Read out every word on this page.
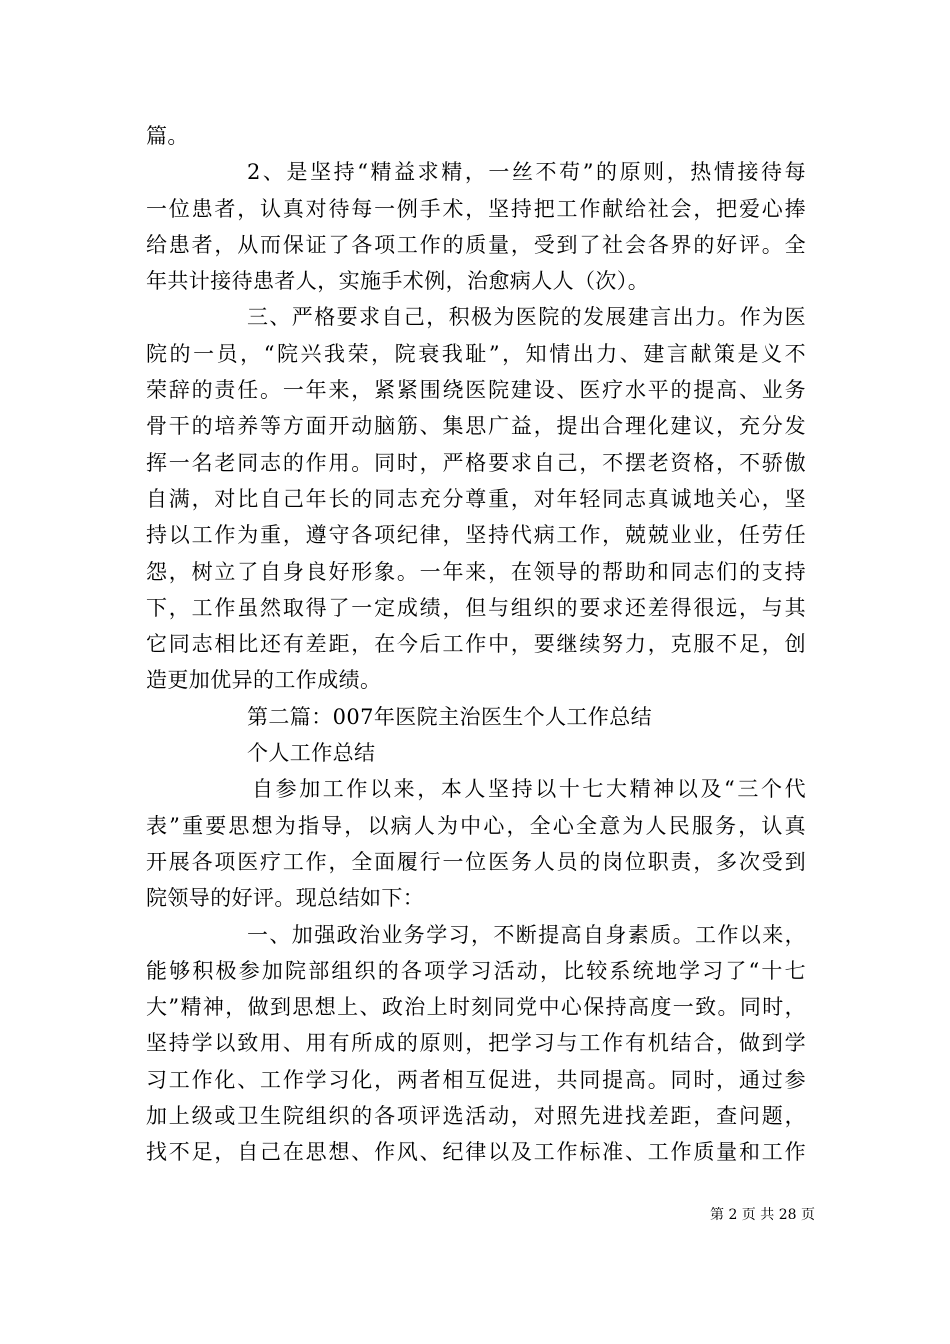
篇。
2、是坚持“精益求精，一丝不苟”的原则，热情接待每
一位患者，认真对待每一例手术，坚持把工作献给社会，把爱心捧
给患者，从而保证了各项工作的质量，受到了社会各界的好评。全
年共计接待患者人，实施手术例，治愈病人人（次）。
三、严格要求自己，积极为医院的发展建言出力。作为医
院的一员，“院兴我荣，院衰我耻”，知情出力、建言献策是义不
荣辞的责任。一年来，紧紧围绕医院建设、医疗水平的提高、业务
骨干的培养等方面开动脑筋、集思广益，提出合理化建议，充分发
挥一名老同志的作用。同时，严格要求自己，不摆老资格，不骄傲
自满，对比自己年长的同志充分尊重，对年轻同志真诚地关心，坚
持以工作为重，遵守各项纪律，坚持代病工作，兢兢业业，任劳任
怨，树立了自身良好形象。一年来，在领导的帮助和同志们的支持
下，工作虽然取得了一定成绩，但与组织的要求还差得很远，与其
它同志相比还有差距，在今后工作中，要继续努力，克服不足，创
造更加优异的工作成绩。
第二篇：007年医院主治医生个人工作总结
个人工作总结
自参加工作以来，本人坚持以十七大精神以及“三个代
表”重要思想为指导，以病人为中心，全心全意为人民服务，认真
开展各项医疗工作，全面履行一位医务人员的岗位职责，多次受到
院领导的好评。现总结如下：
一、加强政治业务学习，不断提高自身素质。工作以来，
能够积极参加院部组织的各项学习活动，比较系统地学习了“十七
大”精神，做到思想上、政治上时刻同党中心保持高度一致。同时，
坚持学以致用、用有所成的原则，把学习与工作有机结合，做到学
习工作化、工作学习化，两者相互促进，共同提高。同时，通过参
加上级或卫生院组织的各项评选活动，对照先进找差距，查问题，
找不足，自己在思想、作风、纪律以及工作标准、工作质量和工作
第 2 页 共 28 页
